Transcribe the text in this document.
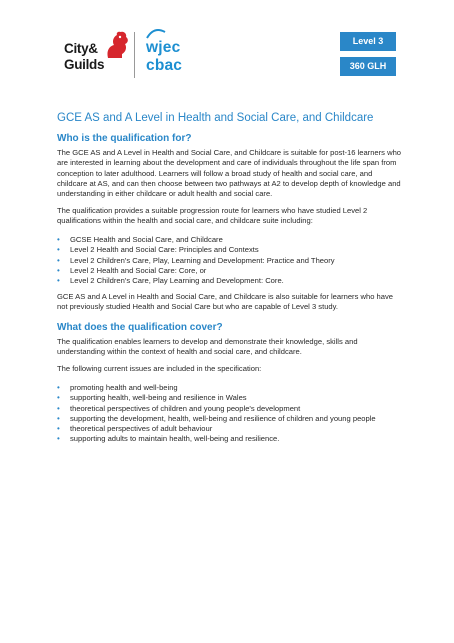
City&
Guilds
wjec
cbac
Level 3
360 GLH
GCE AS and A Level in Health and Social Care, and Childcare
Who is the qualification for?

The GCE AS and A Level in Health and Social Care, and Childcare is suitable for post-16 learners who are interested in learning about the development and care of individuals throughout the life span from conception to later adulthood. Learners will follow a broad study of health and social care, and childcare at AS, and can then choose between two pathways at A2 to develop depth of knowledge and understanding in either childcare or adult health and social care.

The qualification provides a suitable progression route for learners who have studied Level 2 qualifications within the health and social care, and childcare suite including:

• GCSE Health and Social Care, and Childcare
• Level 2 Health and Social Care: Principles and Contexts
• Level 2 Children's Care, Play, Learning and Development: Practice and Theory
• Level 2 Health and Social Care: Core, or
• Level 2 Children's Care, Play Learning and Development: Core.

GCE AS and A Level in Health and Social Care, and Childcare is also suitable for learners who have not previously studied Health and Social Care but who are capable of Level 3 study.

What does the qualification cover?

The qualification enables learners to develop and demonstrate their knowledge, skills and understanding within the context of health and social care, and childcare.

The following current issues are included in the specification:

• promoting health and well-being
• supporting health, well-being and resilience in Wales
• theoretical perspectives of children and young people's development
• supporting the development, health, well-being and resilience of children and young people
• theoretical perspectives of adult behaviour
• supporting adults to maintain health, well-being and resilience.
